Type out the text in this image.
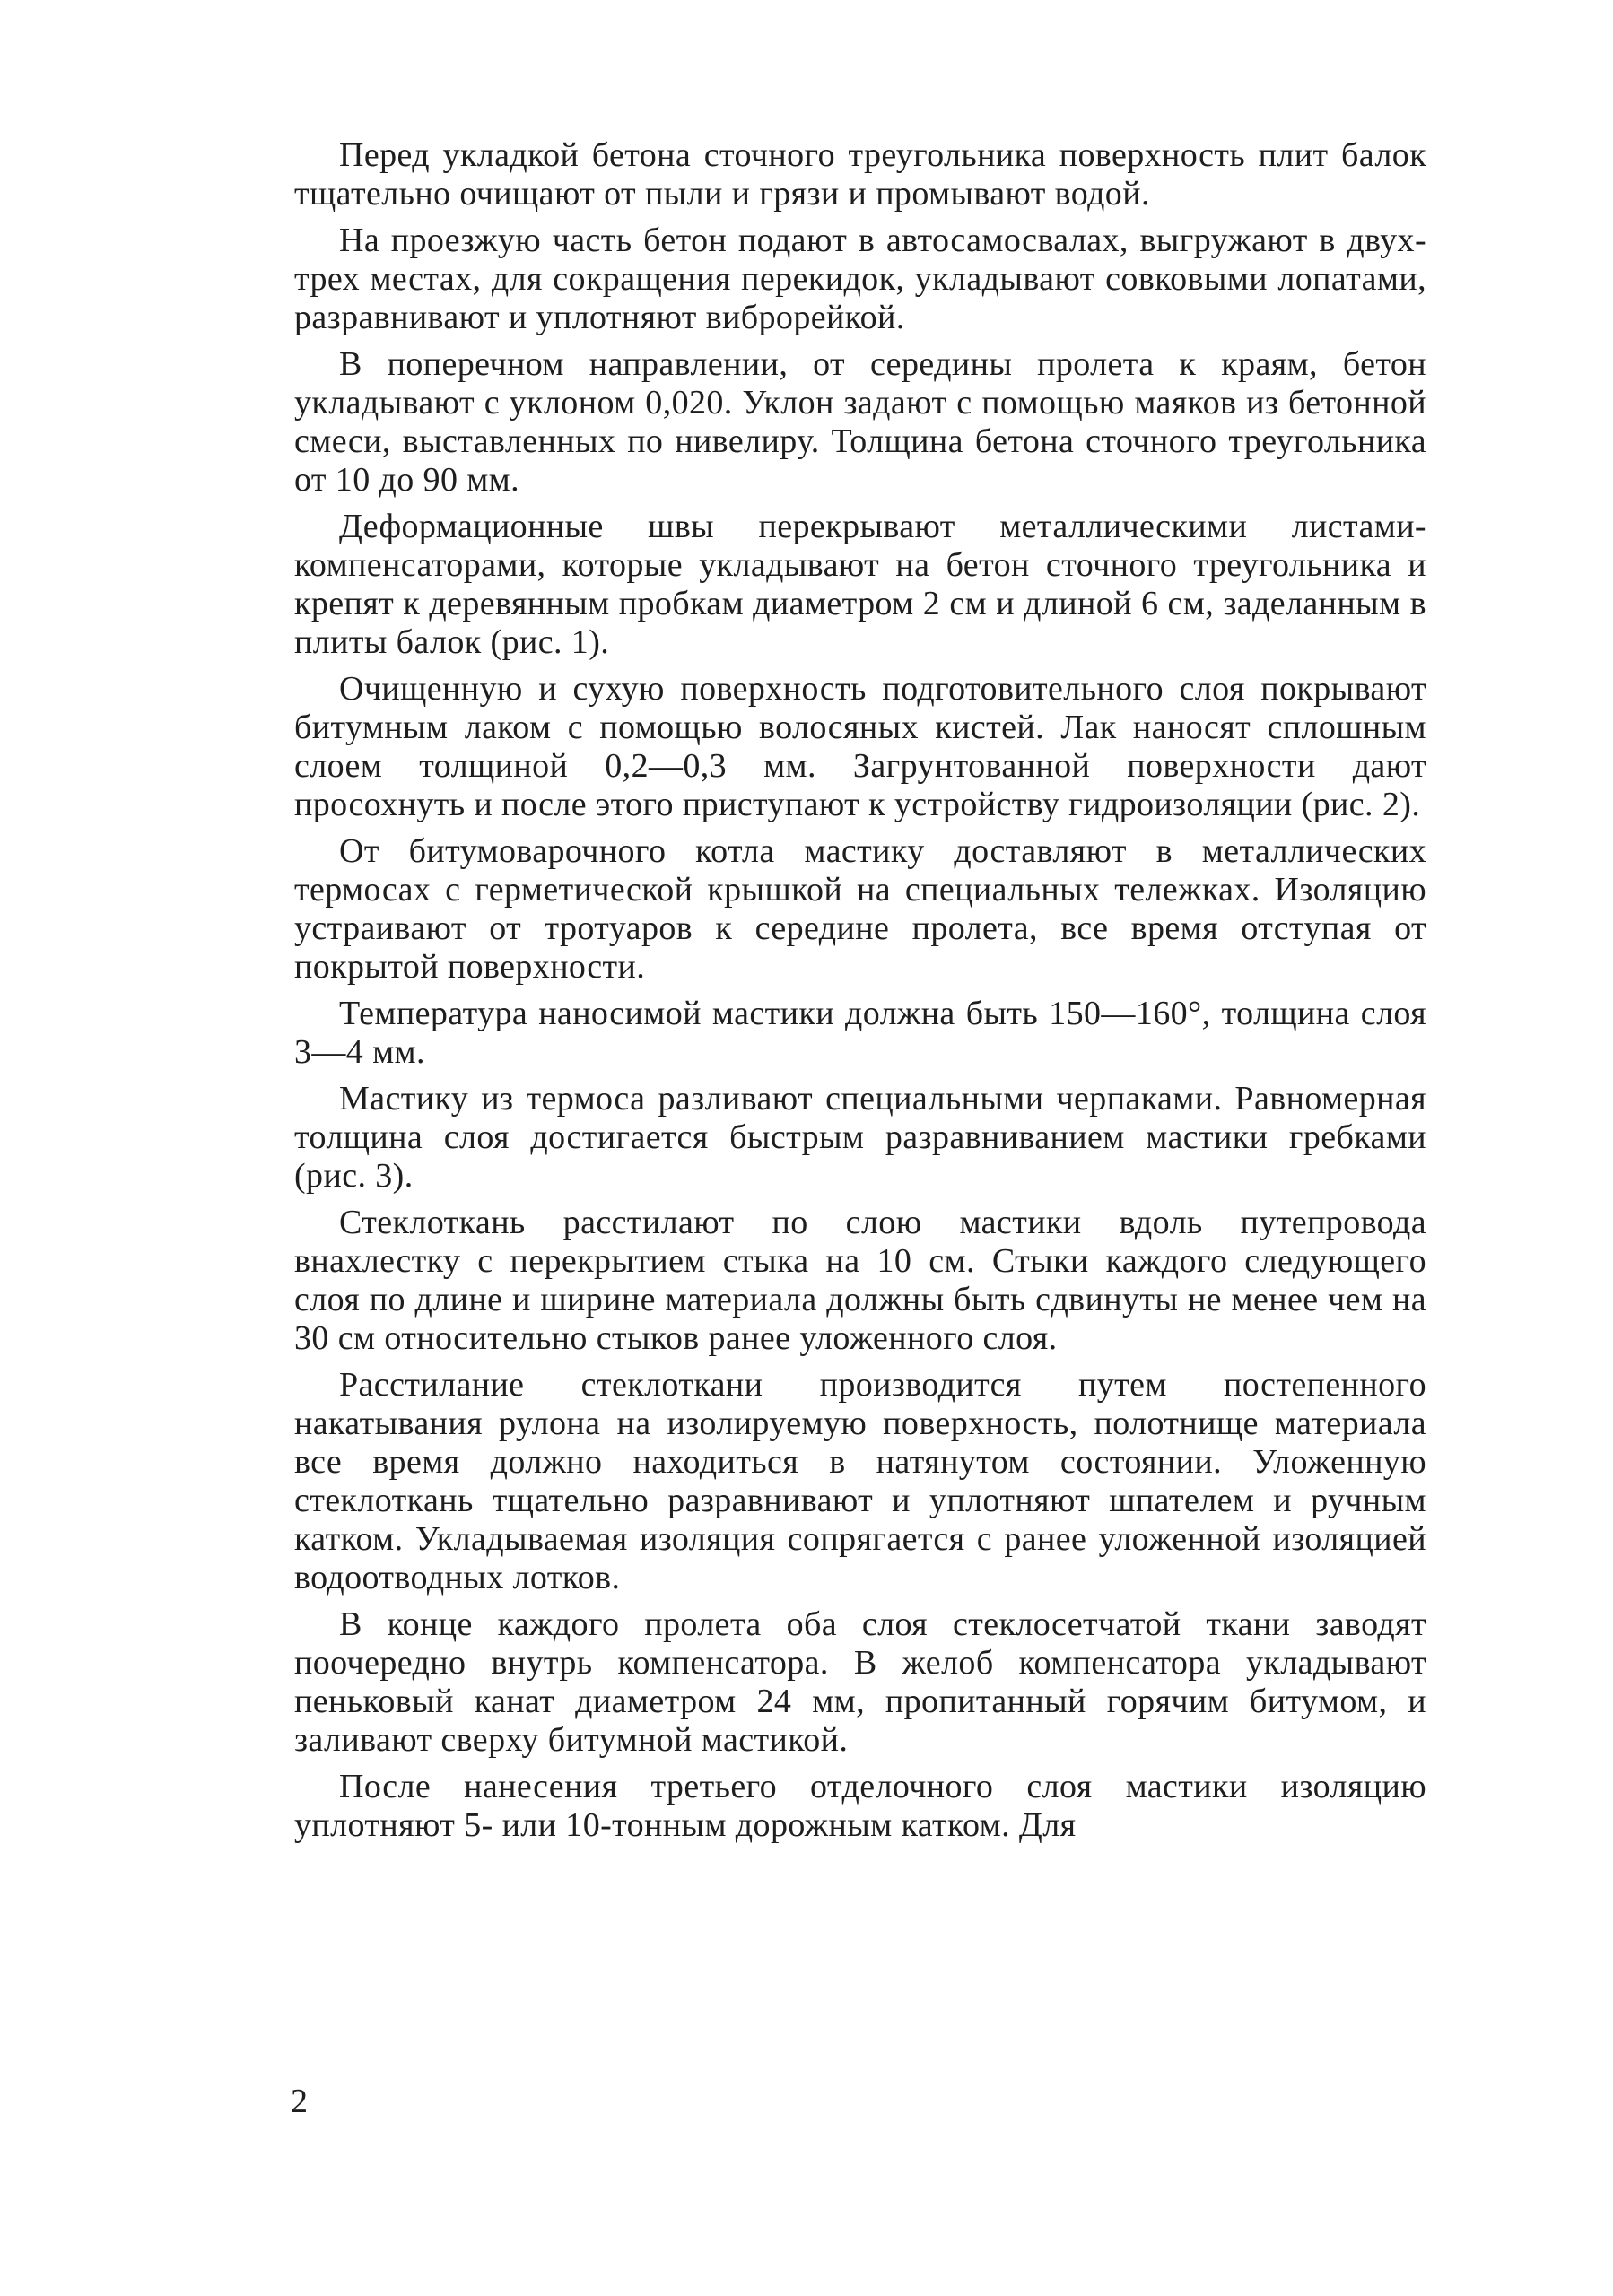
Перед укладкой бетона сточного треугольника поверхность плит балок тщательно очищают от пыли и грязи и промывают водой.

На проезжую часть бетон подают в автосамосвалах, выгружают в двух-трех местах, для сокращения перекидок, укладывают совковыми лопатами, разравнивают и уплотняют виброрейкой.

В поперечном направлении, от середины пролета к краям, бетон укладывают с уклоном 0,020. Уклон задают с помощью маяков из бетонной смеси, выставленных по нивелиру. Толщина бетона сточного треугольника от 10 до 90 мм.

Деформационные швы перекрывают металлическими листами-компенсаторами, которые укладывают на бетон сточного треугольника и крепят к деревянным пробкам диаметром 2 см и длиной 6 см, заделанным в плиты балок (рис. 1).

Очищенную и сухую поверхность подготовительного слоя покрывают битумным лаком с помощью волосяных кистей. Лак наносят сплошным слоем толщиной 0,2—0,3 мм. Загрунтованной поверхности дают просохнуть и после этого приступают к устройству гидроизоляции (рис. 2).

От битумоварочного котла мастику доставляют в металлических термосах с герметической крышкой на специальных тележках. Изоляцию устраивают от тротуаров к середине пролета, все время отступая от покрытой поверхности.

Температура наносимой мастики должна быть 150—160°, толщина слоя 3—4 мм.

Мастику из термоса разливают специальными черпаками. Равномерная толщина слоя достигается быстрым разравниванием мастики гребками (рис. 3).

Стеклоткань расстилают по слою мастики вдоль путепровода внахлестку с перекрытием стыка на 10 см. Стыки каждого следующего слоя по длине и ширине материала должны быть сдвинуты не менее чем на 30 см относительно стыков ранее уложенного слоя.

Расстилание стеклоткани производится путем постепенного накатывания рулона на изолируемую поверхность, полотнище материала все время должно находиться в натянутом состоянии. Уложенную стеклоткань тщательно разравнивают и уплотняют шпателем и ручным катком. Укладываемая изоляция сопрягается с ранее уложенной изоляцией водоотводных лотков.

В конце каждого пролета оба слоя стеклосетчатой ткани заводят поочередно внутрь компенсатора. В желоб компенсатора укладывают пеньковый канат диаметром 24 мм, пропитанный горячим битумом, и заливают сверху битумной мастикой.

После нанесения третьего отделочного слоя мастики изоляцию уплотняют 5- или 10-тонным дорожным катком. Для

2
